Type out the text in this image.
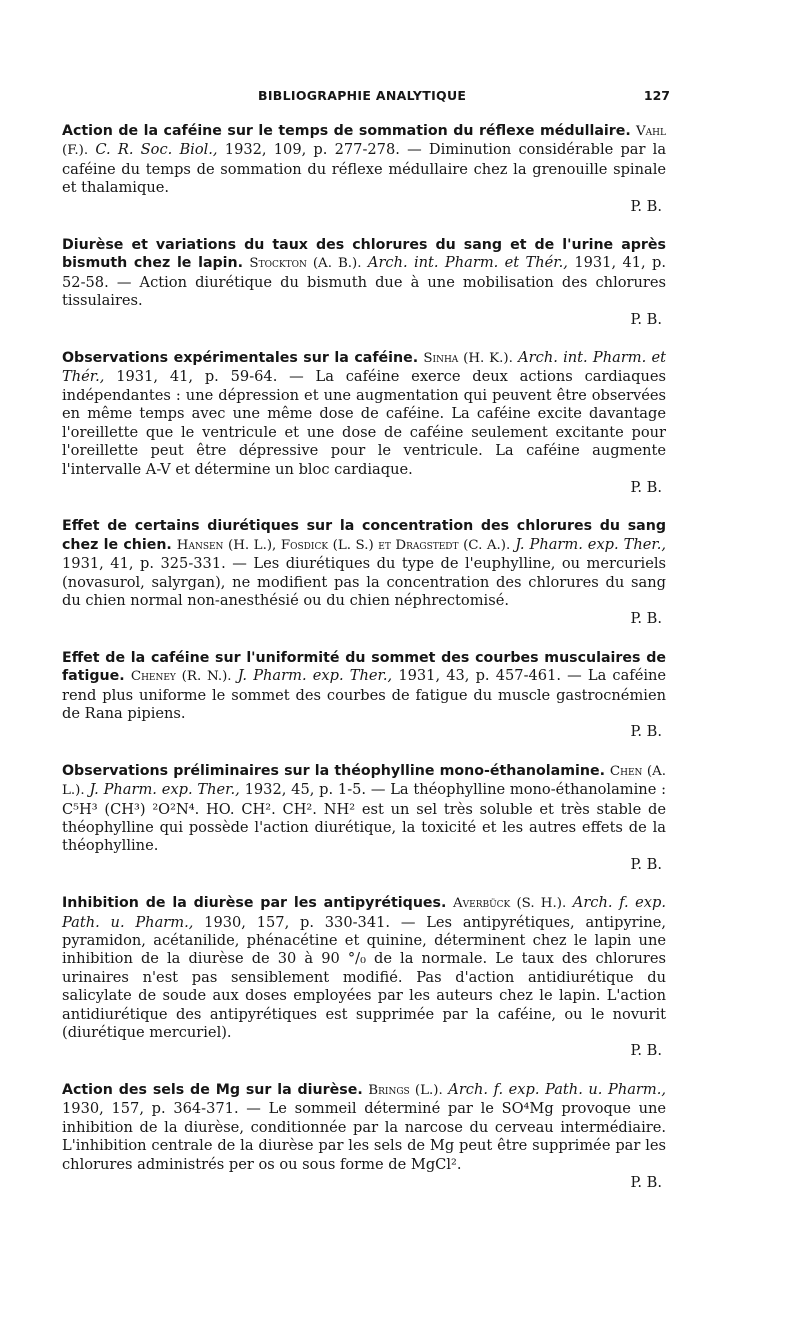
BIBLIOGRAPHIE ANALYTIQUE	127
Action de la caféine sur le temps de sommation du réflexe médullaire. Vahl (F.). C. R. Soc. Biol., 1932, 109, p. 277-278. — Diminution considérable par la caféine du temps de sommation du réflexe médullaire chez la grenouille spinale et thalamique.
P. B.
Diurèse et variations du taux des chlorures du sang et de l'urine après bismuth chez le lapin. Stockton (A. B.). Arch. int. Pharm. et Thér., 1931, 41, p. 52-58. — Action diurétique du bismuth due à une mobilisation des chlorures tissulaires.
P. B.
Observations expérimentales sur la caféine. Sinha (H. K.). Arch. int. Pharm. et Thér., 1931, 41, p. 59-64. — La caféine exerce deux actions cardiaques indépendantes : une dépression et une augmentation qui peuvent être observées en même temps avec une même dose de caféine. La caféine excite davantage l'oreillette que le ventricule et une dose de caféine seulement excitante pour l'oreillette peut être dépressive pour le ventricule. La caféine augmente l'intervalle A-V et détermine un bloc cardiaque.
P. B.
Effet de certains diurétiques sur la concentration des chlorures du sang chez le chien. Hansen (H. L.), Fosdick (L. S.) et Dragstedt (C. A.). J. Pharm. exp. Ther., 1931, 41, p. 325-331. — Les diurétiques du type de l'euphylline, ou mercuriels (novasurol, salyrgan), ne modifient pas la concentration des chlorures du sang du chien normal non-anesthésié ou du chien néphrectomisé.
P. B.
Effet de la caféine sur l'uniformité du sommet des courbes musculaires de fatigue. Cheney (R. N.). J. Pharm. exp. Ther., 1931, 43, p. 457-461. — La caféine rend plus uniforme le sommet des courbes de fatigue du muscle gastrocnémien de Rana pipiens.
P. B.
Observations préliminaires sur la théophylline mono-éthanolamine. Chen (A. L.). J. Pharm. exp. Ther., 1932, 45, p. 1-5. — La théophylline mono-éthanolamine : C⁵H³ (CH³) ²O²N⁴. HO. CH². CH². NH² est un sel très soluble et très stable de théophylline qui possède l'action diurétique, la toxicité et les autres effets de la théophylline.
P. B.
Inhibition de la diurèse par les antipyrétiques. Averbück (S. H.). Arch. f. exp. Path. u. Pharm., 1930, 157, p. 330-341. — Les antipyrétiques, antipyrine, pyramidon, acétanilide, phénacétine et quinine, déterminent chez le lapin une inhibition de la diurèse de 30 à 90 °/₀ de la normale. Le taux des chlorures urinaires n'est pas sensiblement modifié. Pas d'action antidiurétique du salicylate de soude aux doses employées par les auteurs chez le lapin. L'action antidiurétique des antipyrétiques est supprimée par la caféine, ou le novurit (diurétique mercuriel).
P. B.
Action des sels de Mg sur la diurèse. Brings (L.). Arch. f. exp. Path. u. Pharm., 1930, 157, p. 364-371. — Le sommeil déterminé par le SO⁴Mg provoque une inhibition de la diurèse, conditionnée par la narcose du cerveau intermédiaire. L'inhibition centrale de la diurèse par les sels de Mg peut être supprimée par les chlorures administrés per os ou sous forme de MgCl².
P. B.
